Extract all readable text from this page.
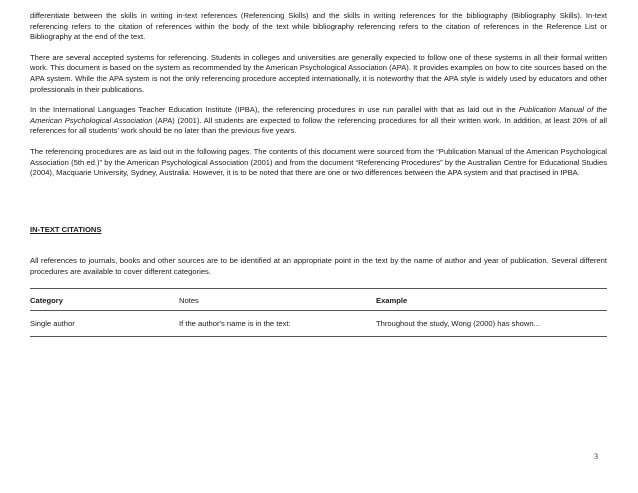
differentiate between the skills in writing in-text references (Referencing Skills) and the skills in writing references for the bibliography (Bibliography Skills). In-text referencing refers to the citation of references within the body of the text while bibliography referencing refers to the citation of references in the Reference List or Bibliography at the end of the text.

There are several accepted systems for referencing. Students in colleges and universities are generally expected to follow one of these systems in all their formal written work. This document is based on the system as recommended by the American Psychological Association (APA). It provides examples on how to cite sources based on the APA system. While the APA system is not the only referencing procedure accepted internationally, it is noteworthy that the APA style is widely used by educators and other professionals in their publications.

In the International Languages Teacher Education Institute (IPBA), the referencing procedures in use run parallel with that as laid out in the Publication Manual of the American Psychological Association (APA) (2001). All students are expected to follow the referencing procedures for all their written work. In addition, at least 20% of all references for all students’ work should be no later than the previous five years.

The referencing procedures are as laid out in the following pages. The contents of this document were sourced from the “Publication Manual of the American Psychological Association (5th ed.)” by the American Psychological Association (2001) and from the document “Referencing Procedures” by the Australian Centre for Educational Studies (2004), Macquarie University, Sydney, Australia. However, it is to be noted that there are one or two differences between the APA system and that practised in IPBA.

IN-TEXT CITATIONS

All references to journals, books and other sources are to be identified at an appropriate point in the text by the name of author and year of publication. Several different procedures are available to cover different categories.

Category	Notes	Example
Single author	If the author's name is in the text:	Throughout the study, Wong (2000) has shown...
3
